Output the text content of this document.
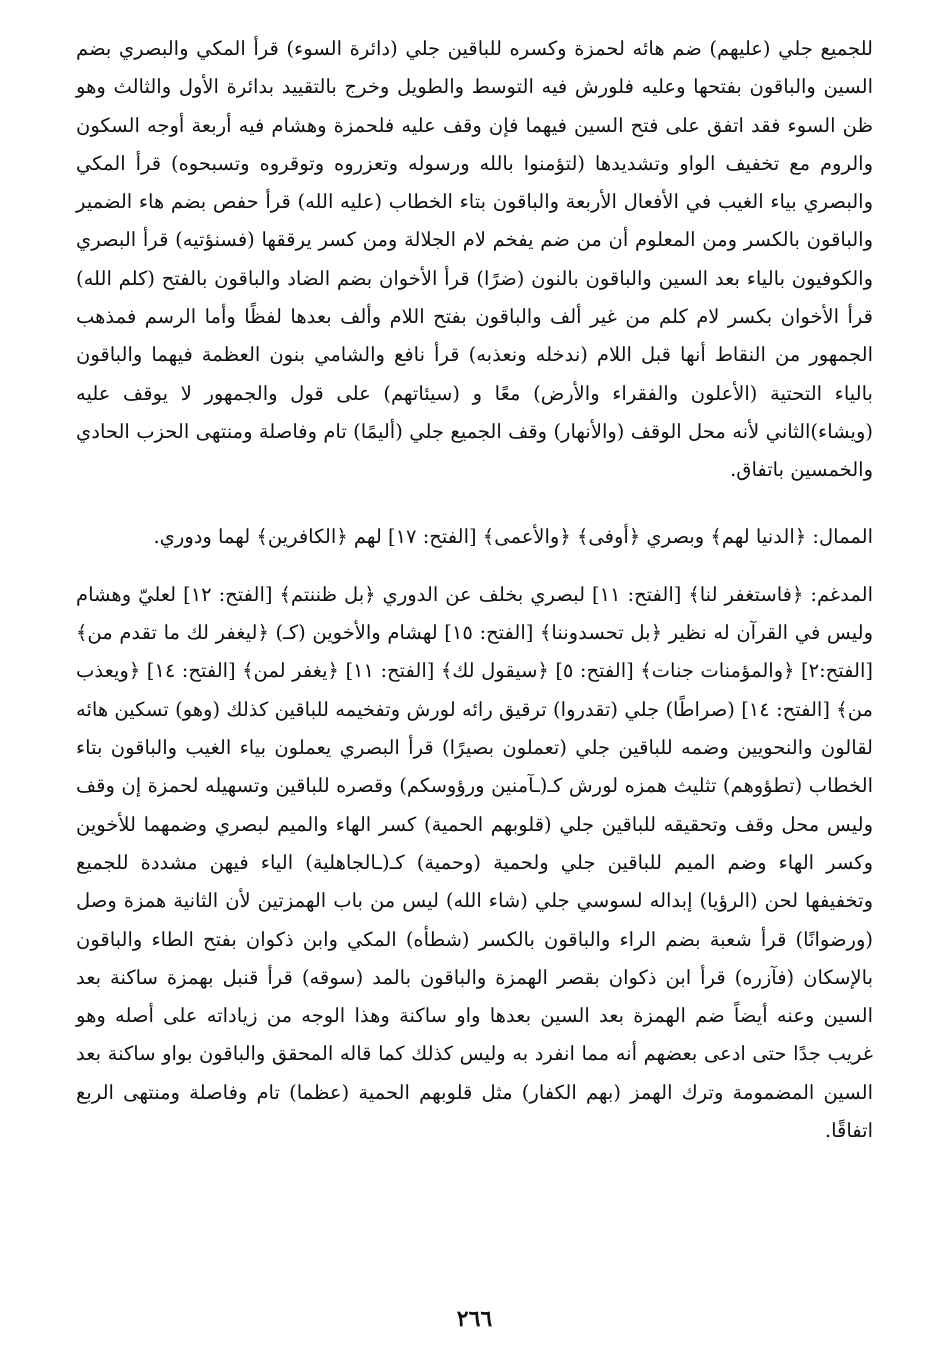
للجميع جلي (عليهم) ضم هائه لحمزة وكسره للباقين جلي (دائرة السوء) قرأ المكي والبصري بضم السين والباقون بفتحها وعليه فلورش فيه التوسط والطويل وخرج بالتقييد بدائرة الأول والثالث وهو ظن السوء فقد اتفق على فتح السين فيهما فإن وقف عليه فلحمزة وهشام فيه أربعة أوجه السكون والروم مع تخفيف الواو وتشديدها (لتؤمنوا بالله ورسوله وتعزروه وتوقروه وتسبحوه) قرأ المكي والبصري بياء الغيب في الأفعال الأربعة والباقون بتاء الخطاب (عليه الله) قرأ حفص بضم هاء الضمير والباقون بالكسر ومن المعلوم أن من ضم يفخم لام الجلالة ومن كسر يرققها (فسنؤتيه) قرأ البصري والكوفيون بالياء بعد السين والباقون بالنون (ضرًا) قرأ الأخوان بضم الضاد والباقون بالفتح (كلم الله) قرأ الأخوان بكسر لام كلم من غير ألف والباقون بفتح اللام وألف بعدها لفظًا وأما الرسم فمذهب الجمهور من النقاط أنها قبل اللام (ندخله ونعذبه) قرأ نافع والشامي بنون العظمة فيهما والباقون بالياء التحتية (الأعلون والفقراء والأرض) معًا و (سيئاتهم) على قول والجمهور لا يوقف عليه (ويشاء)الثاني لأنه محل الوقف (والأنهار) وقف الجميع جلي (أليمًا) تام وفاصلة ومنتهى الحزب الحادي والخمسين باتفاق.

الممال: ﴿الدنيا لهم﴾ وبصري ﴿أوفى﴾ ﴿والأعمى﴾ [الفتح: ١٧] لهم ﴿الكافرين﴾ لهما ودوري.

المدغم: ﴿فاستغفر لنا﴾ [الفتح: ١١] لبصري بخلف عن الدوري ﴿بل ظننتم﴾ [الفتح: ١٢] لعليّ وهشام وليس في القرآن له نظير ﴿بل تحسدوننا﴾ [الفتح: ١٥] لهشام والأخوين (كـ) ﴿ليغفر لك ما تقدم من﴾ [الفتح:٢] ﴿والمؤمنات جنات﴾ [الفتح: ٥] ﴿سيقول لك﴾ [الفتح: ١١] ﴿يغفر لمن﴾ [الفتح: ١٤] ﴿ويعذب من﴾ [الفتح: ١٤] (صراطًا) جلي (تقدروا) ترقيق رائه لورش وتفخيمه للباقين كذلك (وهو) تسكين هائه لقالون والنحويين وضمه للباقين جلي (تعملون بصيرًا) قرأ البصري يعملون بياء الغيب والباقون بتاء الخطاب (تطؤوهم) تثليث همزه لورش كـ(ـآمنين ورؤوسكم) وقصره للباقين وتسهيله لحمزة إن وقف وليس محل وقف وتحقيقه للباقين جلي (قلوبهم الحمية) كسر الهاء والميم لبصري وضمهما للأخوين وكسر الهاء وضم الميم للباقين جلي ولحمية (وحمية) كـ(ـالجاهلية) الياء فيهن مشددة للجميع وتخفيفها لحن (الرؤيا) إبداله لسوسي جلي (شاء الله) ليس من باب الهمزتين لأن الثانية همزة وصل (ورضوانًا) قرأ شعبة بضم الراء والباقون بالكسر (شطأه) المكي وابن ذكوان بفتح الطاء والباقون بالإسكان (فآزره) قرأ ابن ذكوان بقصر الهمزة والباقون بالمد (سوقه) قرأ قنبل بهمزة ساكنة بعد السين وعنه أيضاً ضم الهمزة بعد السين بعدها واو ساكنة وهذا الوجه من زياداته على أصله وهو غريب جدًا حتى ادعى بعضهم أنه مما انفرد به وليس كذلك كما قاله المحقق والباقون بواو ساكنة بعد السين المضمومة وترك الهمز (بهم الكفار) مثل قلوبهم الحمية (عظما) تام وفاصلة ومنتهى الربع اتفاقًا.

٢٦٦
